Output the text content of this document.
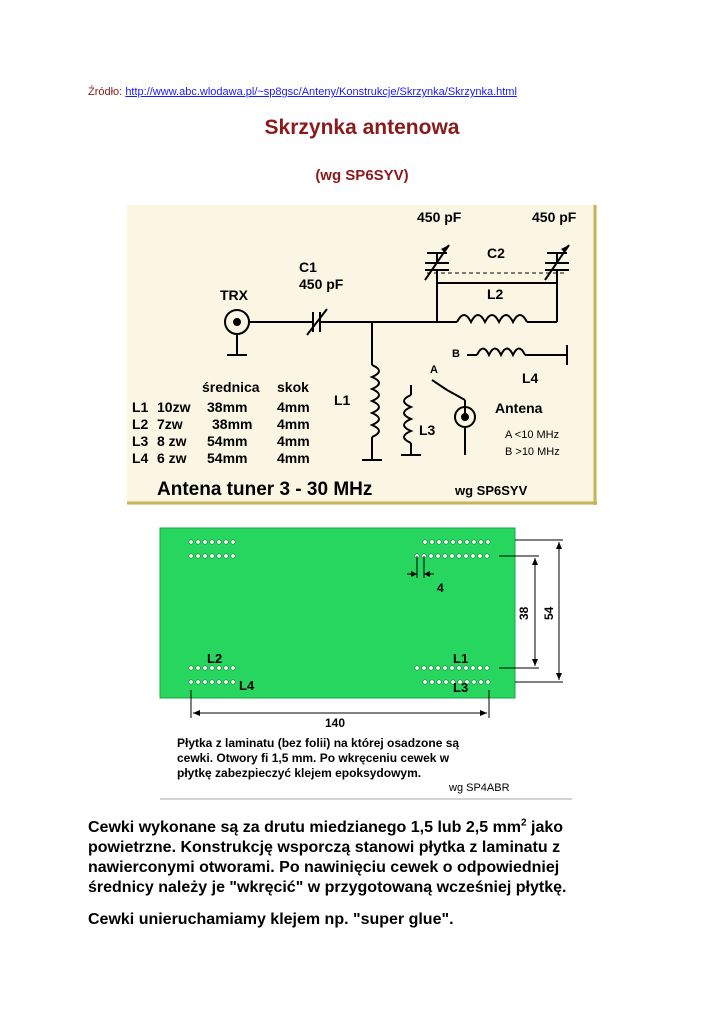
Źródło: http://www.abc.wlodawa.pl/~sp8gsc/Anteny/Konstrukcje/Skrzynka/Skrzynka.html
Skrzynka antenowa
(wg SP6SYV)
450 pF	450 pF
C2
C1
450 pF
TRX	L2
L4
L1
L3
A
B
Antena
A <10 MHz
B >10 MHz
średnica skok
L1 10zw 38mm 4mm
L2 7zw 38mm 4mm
L3 8 zw 54mm 4mm
L4 6 zw 54mm 4mm
Antena tuner 3 - 30 MHz	wg SP6SYV
4
38 54
140
L2
L4
L1
L3
Płytka z laminatu (bez folii) na której osadzone są
cewki. Otwory fi 1,5 mm. Po wkręceniu cewek w
płytkę zabezpieczyć klejem epoksydowym.
wg SP4ABR
Cewki wykonane są za drutu miedzianego 1,5 lub 2,5 $mm^2$ jako powietrzne. Konstrukcję wsporczą stanowi płytka z laminatu z nawierconymi otworami. Po nawinięciu cewek o odpowiedniej średnicy należy je "wkręcić" w przygotowaną wcześniej płytkę.
Cewki unieruchamiamy klejem np. "super glue".
